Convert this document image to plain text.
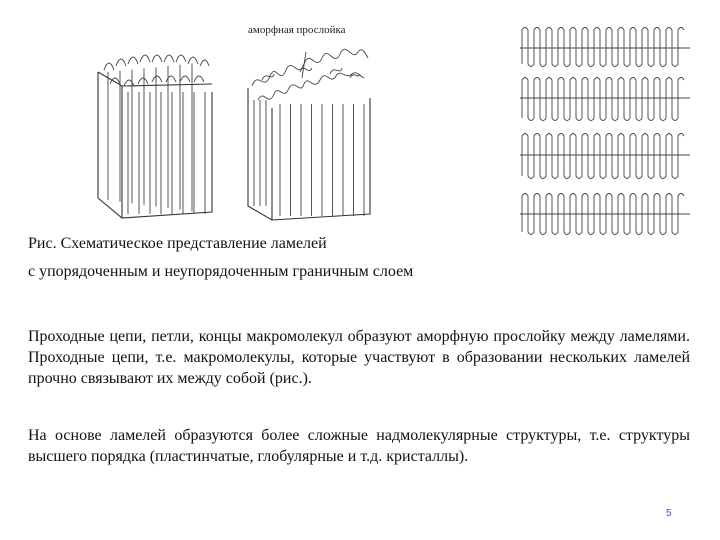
аморфная прослойка
Рис. Схематическое представление ламелей
с упорядоченным и неупорядоченным граничным слоем

Проходные цепи, петли, концы макромолекул образуют аморфную прослойку между ламелями. Проходные цепи, т.е. макромолекулы, которые участвуют в образовании нескольких ламелей прочно связывают их между собой (рис.).

На основе ламелей образуются более сложные надмолекулярные структуры, т.е. структуры высшего порядка (пластинчатые, глобулярные и т.д. кристаллы).

5
